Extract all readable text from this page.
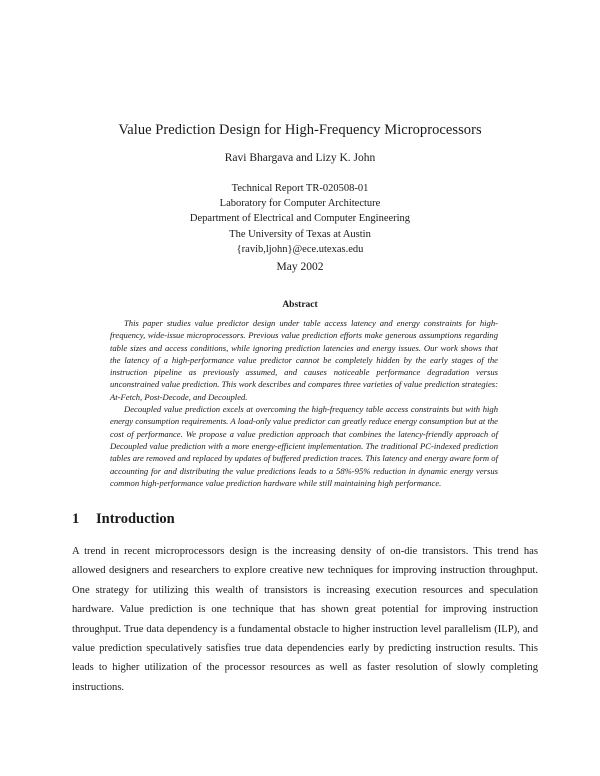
Value Prediction Design for High-Frequency Microprocessors
Ravi Bhargava and Lizy K. John
Technical Report TR-020508-01
Laboratory for Computer Architecture
Department of Electrical and Computer Engineering
The University of Texas at Austin
{ravib,ljohn}@ece.utexas.edu
May 2002
Abstract

This paper studies value predictor design under table access latency and energy constraints for high-frequency, wide-issue microprocessors. Previous value prediction efforts make generous assumptions regarding table sizes and access conditions, while ignoring prediction latencies and energy issues. Our work shows that the latency of a high-performance value predictor cannot be completely hidden by the early stages of the instruction pipeline as previously assumed, and causes noticeable performance degradation versus unconstrained value prediction. This work describes and compares three varieties of value prediction strategies: At-Fetch, Post-Decode, and Decoupled.

Decoupled value prediction excels at overcoming the high-frequency table access constraints but with high energy consumption requirements. A load-only value predictor can greatly reduce energy consumption but at the cost of performance. We propose a value prediction approach that combines the latency-friendly approach of Decoupled value prediction with a more energy-efficient implementation. The traditional PC-indexed prediction tables are removed and replaced by updates of buffered prediction traces. This latency and energy aware form of accounting for and distributing the value predictions leads to a 58%-95% reduction in dynamic energy versus common high-performance value prediction hardware while still maintaining high performance.

1 Introduction

A trend in recent microprocessors design is the increasing density of on-die transistors. This trend has allowed designers and researchers to explore creative new techniques for improving instruction throughput. One strategy for utilizing this wealth of transistors is increasing execution resources and speculation hardware. Value prediction is one technique that has shown great potential for improving instruction throughput. True data dependency is a fundamental obstacle to higher instruction level parallelism (ILP), and value prediction speculatively satisfies true data dependencies early by predicting instruction results. This leads to higher utilization of the processor resources as well as faster resolution of slowly completing instructions.
